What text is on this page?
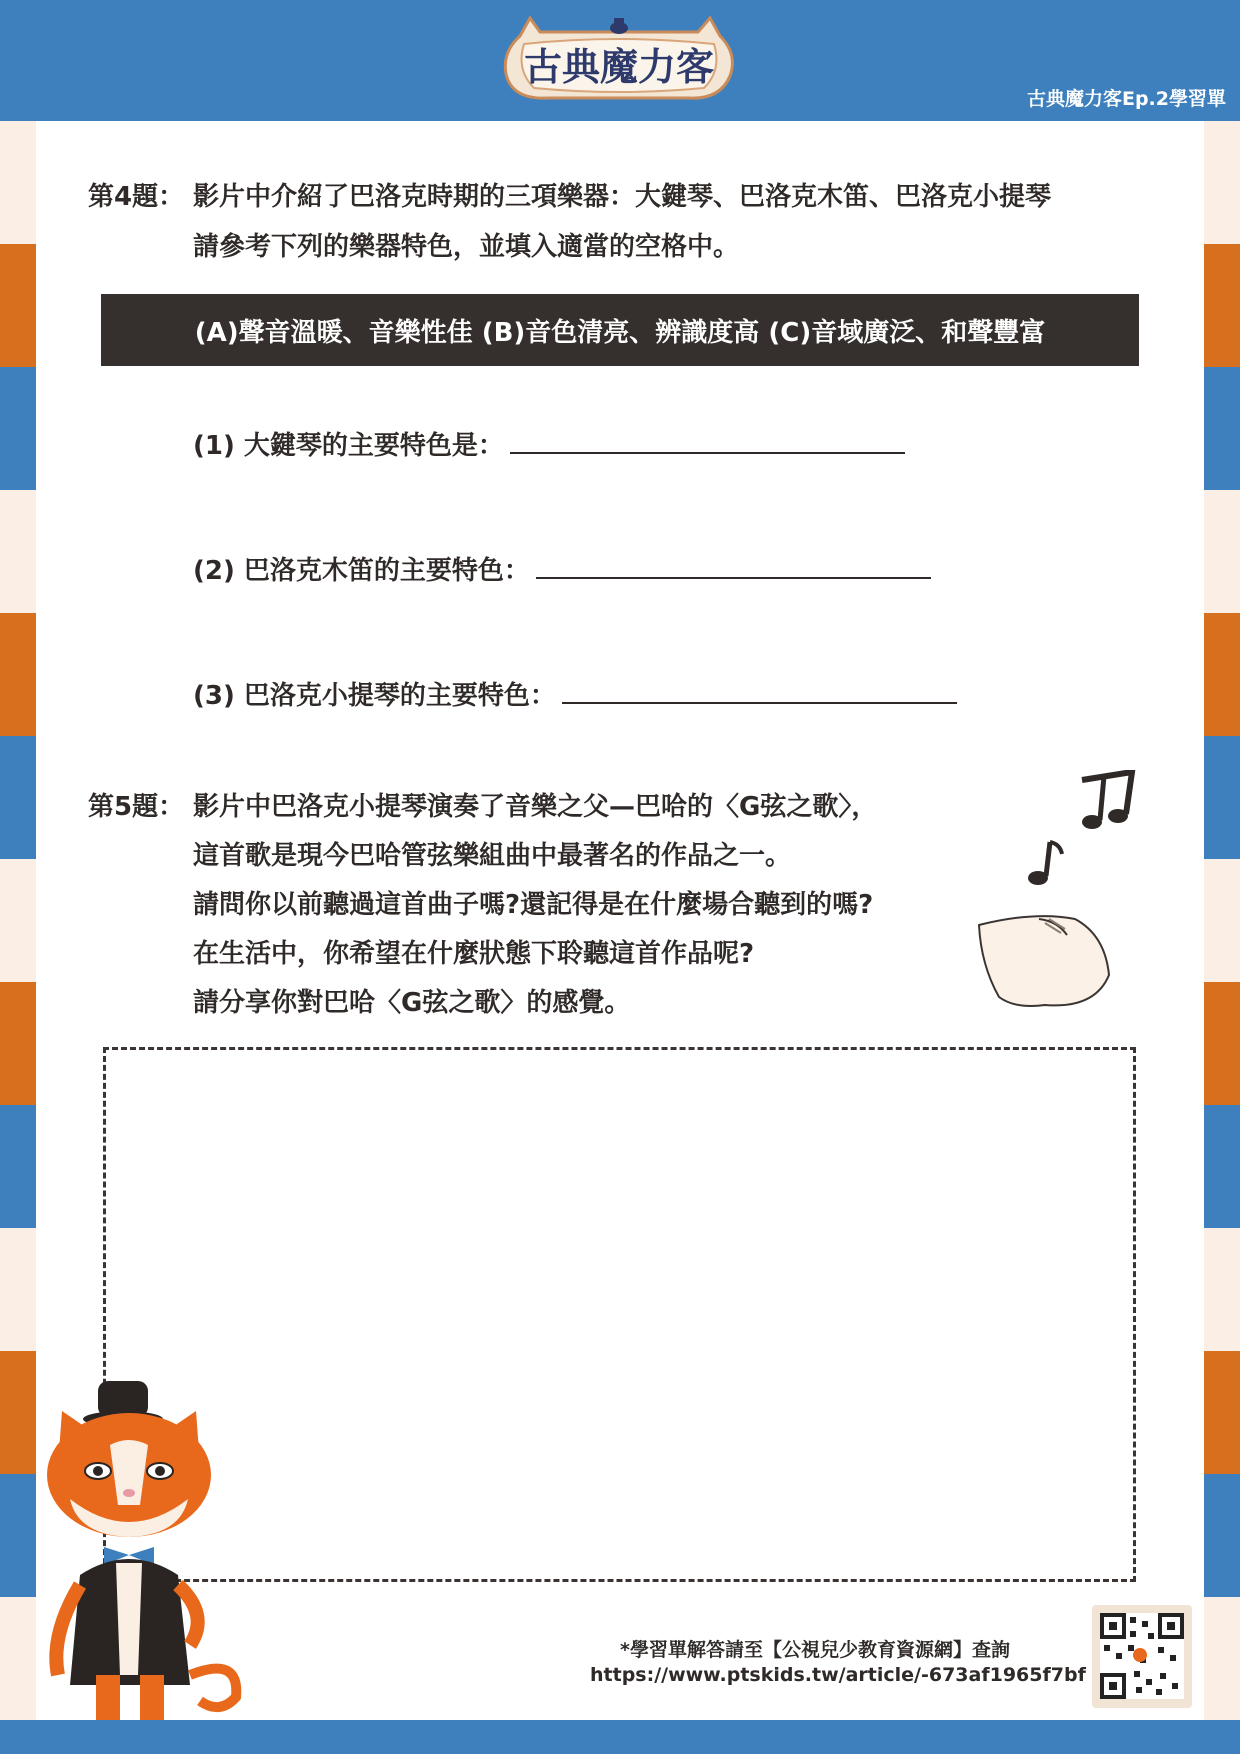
古典魔力客
古典魔力客Ep.2學習單
第4題： 影片中介紹了巴洛克時期的三項樂器：大鍵琴、巴洛克木笛、巴洛克小提琴
請參考下列的樂器特色，並填入適當的空格中。
(A)聲音溫暖、音樂性佳 (B)音色清亮、辨識度高 (C)音域廣泛、和聲豐富
(1) 大鍵琴的主要特色是：
(2) 巴洛克木笛的主要特色：
(3) 巴洛克小提琴的主要特色：
第5題： 影片中巴洛克小提琴演奏了音樂之父—巴哈的〈G弦之歌〉，
這首歌是現今巴哈管弦樂組曲中最著名的作品之一。
請問你以前聽過這首曲子嗎?還記得是在什麼場合聽到的嗎?
在生活中，你希望在什麼狀態下聆聽這首作品呢?
請分享你對巴哈〈G弦之歌〉的感覺。
*學習單解答請至【公視兒少教育資源網】查詢
https://www.ptskids.tw/article/-673af1965f7bf
